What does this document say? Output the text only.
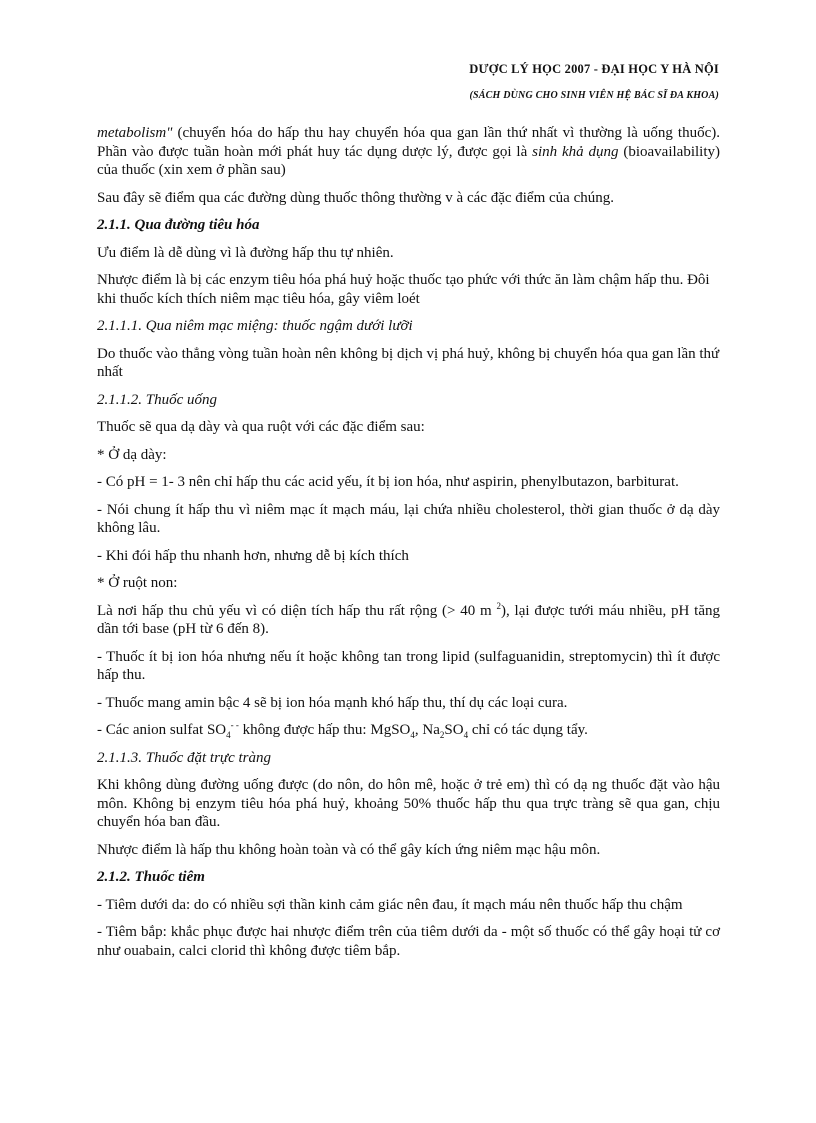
DƯỢC LÝ HỌC 2007 - ĐẠI HỌC Y HÀ NỘI
(SÁCH DÙNG CHO SINH VIÊN HỆ BÁC SĨ ĐA KHOA)

metabolism" (chuyển hóa do hấp thu hay chuyển hóa qua gan lần thứ nhất vì thường là uống thuốc). Phần vào được tuần hoàn mới phát huy tác dụng dược lý, được gọi là sinh khả dụng (bioavailability) của thuốc (xin xem ở phần sau)

Sau đây sẽ điểm qua các đường dùng thuốc thông thường v à các đặc điểm của chúng.

2.1.1. Qua đường tiêu hóa

Ưu điểm là dễ dùng vì là đường hấp thu tự nhiên.

Nhược điểm là bị các enzym tiêu hóa phá huỷ hoặc thuốc tạo phức với thức ăn làm chậm hấp thu. Đôi khi thuốc kích thích niêm mạc tiêu hóa, gây viêm loét

2.1.1.1. Qua niêm mạc miệng: thuốc ngậm dưới lưỡi

Do thuốc vào thẳng vòng tuần hoàn nên không bị dịch vị phá huỷ, không bị chuyển hóa qua gan lần thứ nhất

2.1.1.2. Thuốc uống

Thuốc sẽ qua dạ dày và qua ruột với các đặc điểm sau:

* Ở dạ dày:

- Có pH = 1- 3 nên chỉ hấp thu các acid yếu, ít bị ion hóa, như aspirin, phenylbutazon, barbiturat.

- Nói chung ít hấp thu vì niêm mạc ít mạch máu, lại chứa nhiều cholesterol, thời gian thuốc ở dạ dày không lâu.

- Khi đói hấp thu nhanh hơn, nhưng dễ bị kích thích

* Ở ruột non:

Là nơi hấp thu chủ yếu vì có diện tích hấp thu rất rộng (> 40 m $^2$), lại được tưới máu nhiều, pH tăng dần tới base (pH từ 6 đến 8).

- Thuốc ít bị ion hóa nhưng nếu ít hoặc không tan trong lipid (sulfaguanidin, streptomycin) thì ít được hấp thu.

- Thuốc mang amin bậc 4 sẽ bị ion hóa mạnh khó hấp thu, thí dụ các loại cura.

- Các anion sulfat $SO_4^{- -}$ không được hấp thu: MgSO$_4$, $Na_2SO_4$ chỉ có tác dụng tẩy.

2.1.1.3. Thuốc đặt trực tràng

Khi không dùng đường uống được (do nôn, do hôn mê, hoặc ở trẻ em) thì có dạ ng thuốc đặt vào hậu môn. Không bị enzym tiêu hóa phá huỷ, khoảng 50% thuốc hấp thu qua trực tràng sẽ qua gan, chịu chuyển hóa ban đầu.

Nhược điểm là hấp thu không hoàn toàn và có thể gây kích ứng niêm mạc hậu môn.

2.1.2. Thuốc tiêm

- Tiêm dưới da: do có nhiều sợi thần kinh cảm giác nên đau, ít mạch máu nên thuốc hấp thu chậm

- Tiêm bắp: khắc phục được hai nhược điểm trên của tiêm dưới da - một số thuốc có thể gây hoại tử cơ như ouabain, calci clorid thì không được tiêm bắp.
